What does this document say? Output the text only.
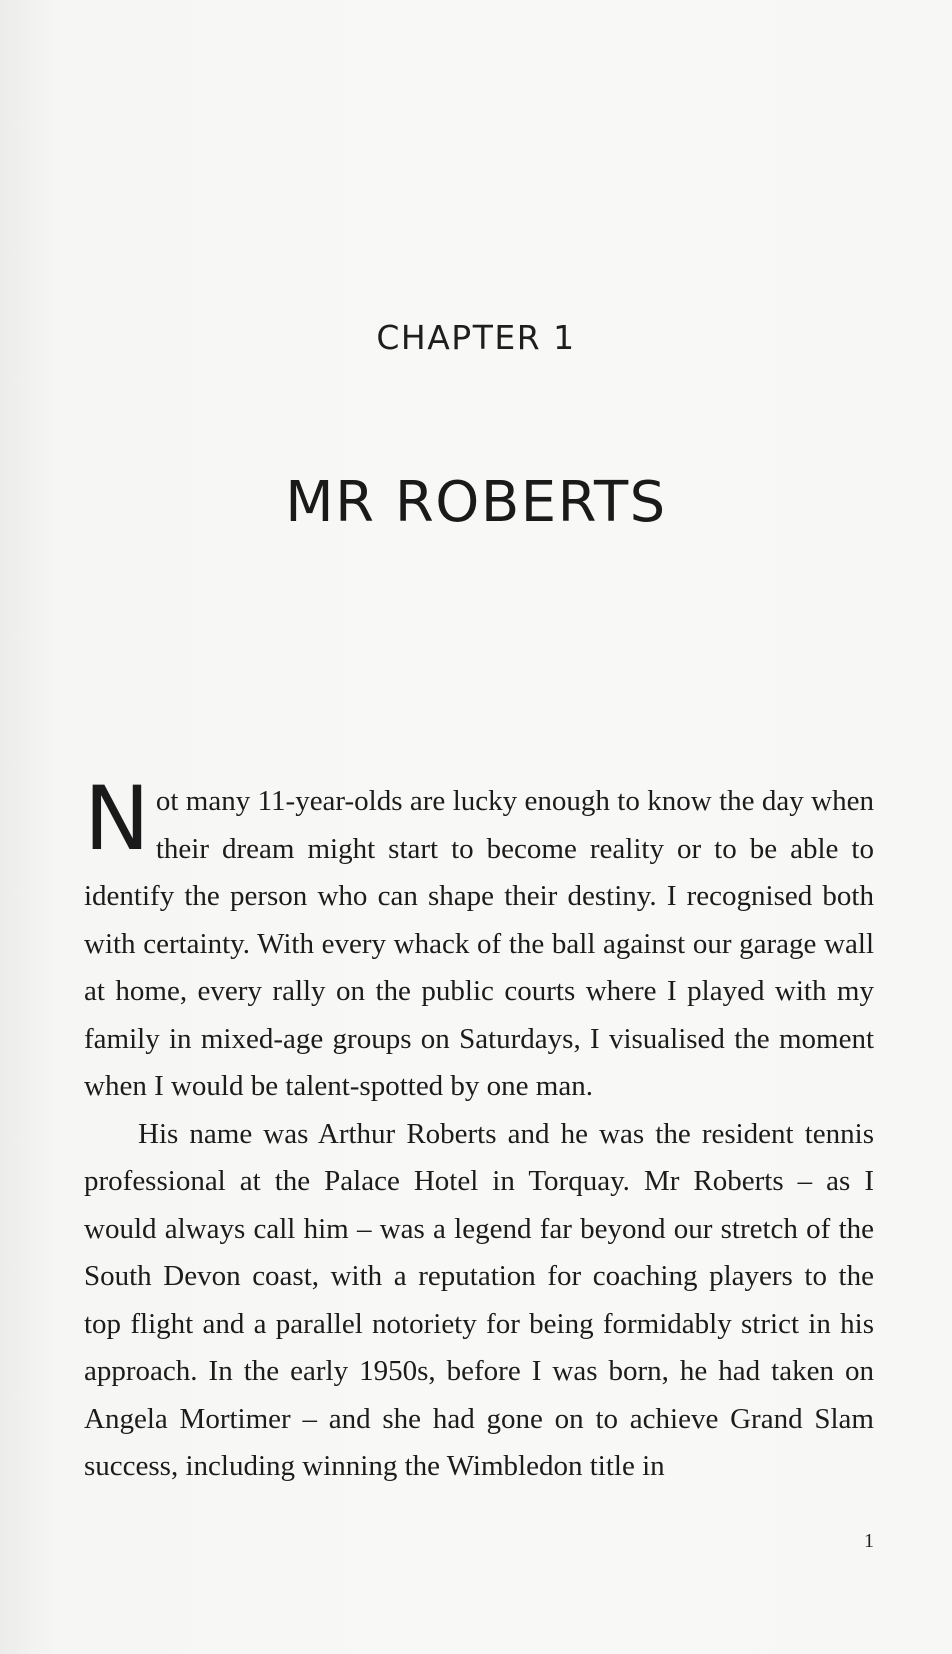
CHAPTER 1
MR ROBERTS

Not many 11-year-olds are lucky enough to know the day when their dream might start to become reality or to be able to identify the person who can shape their destiny. I recognised both with certainty. With every whack of the ball against our garage wall at home, every rally on the public courts where I played with my family in mixed-age groups on Saturdays, I visualised the moment when I would be talent-spotted by one man.

His name was Arthur Roberts and he was the resident tennis professional at the Palace Hotel in Torquay. Mr Roberts – as I would always call him – was a legend far beyond our stretch of the South Devon coast, with a reputation for coaching players to the top flight and a parallel notoriety for being formidably strict in his approach. In the early 1950s, before I was born, he had taken on Angela Mortimer – and she had gone on to achieve Grand Slam success, including winning the Wimbledon title in

1
